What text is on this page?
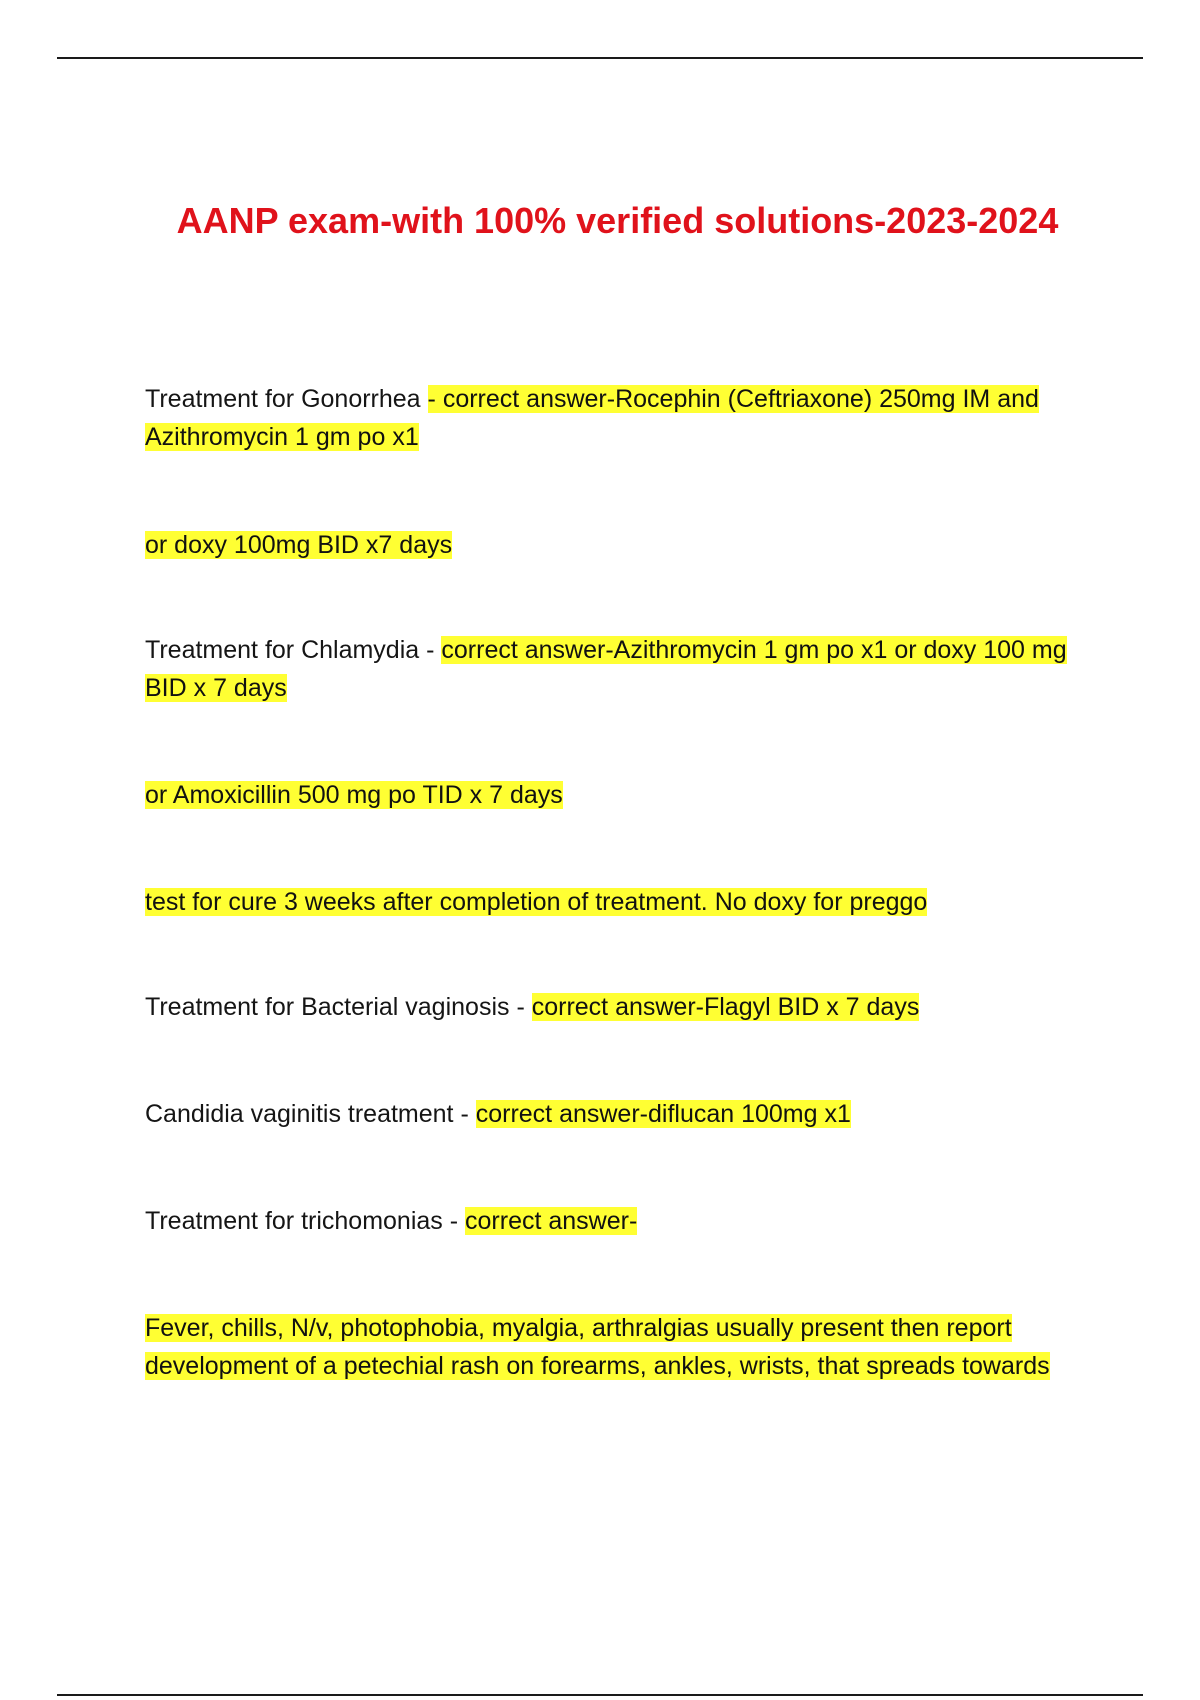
AANP exam-with 100% verified solutions-2023-2024

Treatment for Gonorrhea - correct answer-Rocephin (Ceftriaxone) 250mg IM and Azithromycin 1 gm po x1

or doxy 100mg BID x7 days

Treatment for Chlamydia - correct answer-Azithromycin 1 gm po x1 or doxy 100 mg BID x 7 days

or Amoxicillin 500 mg po TID x 7 days

test for cure 3 weeks after completion of treatment. No doxy for preggo

Treatment for Bacterial vaginosis - correct answer-Flagyl BID x 7 days

Candidia vaginitis treatment - correct answer-diflucan 100mg x1

Treatment for trichomonias - correct answer-

Fever, chills, N/v, photophobia, myalgia, arthralgias usually present then report development of a petechial rash on forearms, ankles, wrists, that spreads towards
